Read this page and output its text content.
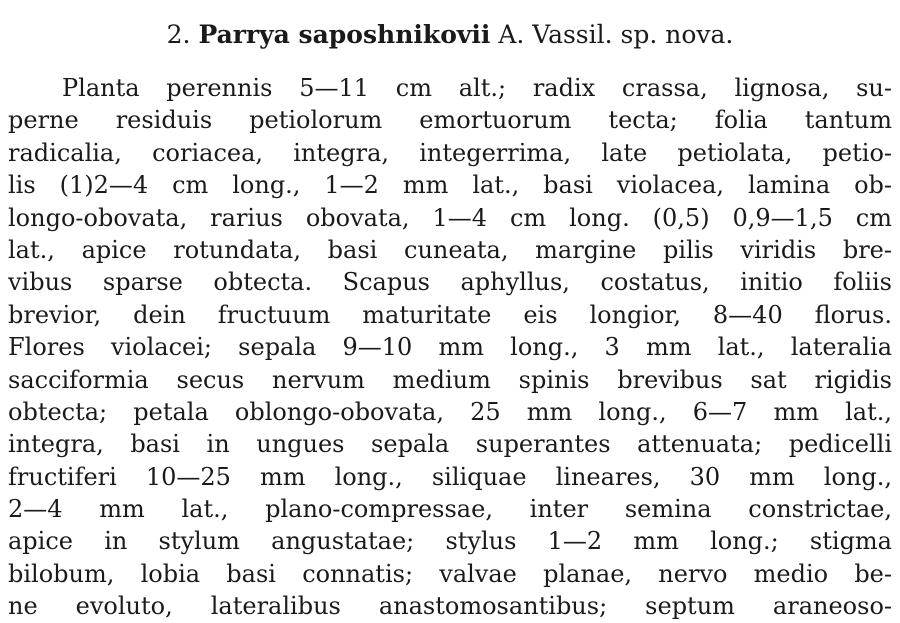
2. Parrya saposhnikovii A. Vassil. sp. nova.
Planta perennis 5—11 cm alt.; radix crassa, lignosa, su-
perne residuis petiolorum emortuorum tecta; folia tantum
radicalia, coriacea, integra, integerrima, late petiolata, petio-
lis (1)2—4 cm long., 1—2 mm lat., basi violacea, lamina ob-
longo-obovata, rarius obovata, 1—4 cm long. (0,5) 0,9—1,5 cm
lat., apice rotundata, basi cuneata, margine pilis viridis bre-
vibus sparse obtecta. Scapus aphyllus, costatus, initio foliis
brevior, dein fructuum maturitate eis longior, 8—40 florus.
Flores violacei; sepala 9—10 mm long., 3 mm lat., lateralia
sacciformia secus nervum medium spinis brevibus sat rigidis
obtecta; petala oblongo-obovata, 25 mm long., 6—7 mm lat.,
integra, basi in ungues sepala superantes attenuata; pedicelli
fructiferi 10—25 mm long., siliquae lineares, 30 mm long.,
2—4 mm lat., plano-compressae, inter semina constrictae,
apice in stylum angustatae; stylus 1—2 mm long.; stigma
bilobum, lobia basi connatis; valvae planae, nervo medio be-
ne evoluto, lateralibus anastomosantibus; septum araneoso-
